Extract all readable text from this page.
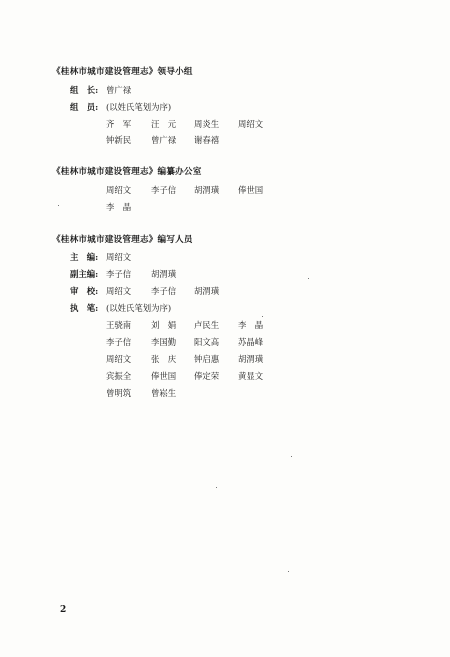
《桂林市城市建设管理志》领导小组
组　长: 曾广禄
组　员: (以姓氏笔划为序)
齐　军 汪　元 周炎生 周绍文
钟新民 曾广禄 谢春禧
《桂林市城市建设管理志》编纂办公室
周绍文 李子信 胡渭璜 俸世国
李　晶
《桂林市城市建设管理志》编写人员
主　编: 周绍文
副主编: 李子信 胡渭璜
审　校: 周绍文 李子信 胡渭璜
执　笔: (以姓氏笔划为序)
王骁南 刘　娟 卢民生 李　晶
李子信 李国勤 阳文高 苏晶峰
周绍文 张　庆 钟启惠 胡渭璜
宾振全 俸世国 俸定荣 黄显文
曾明筑 曾崧生
2
